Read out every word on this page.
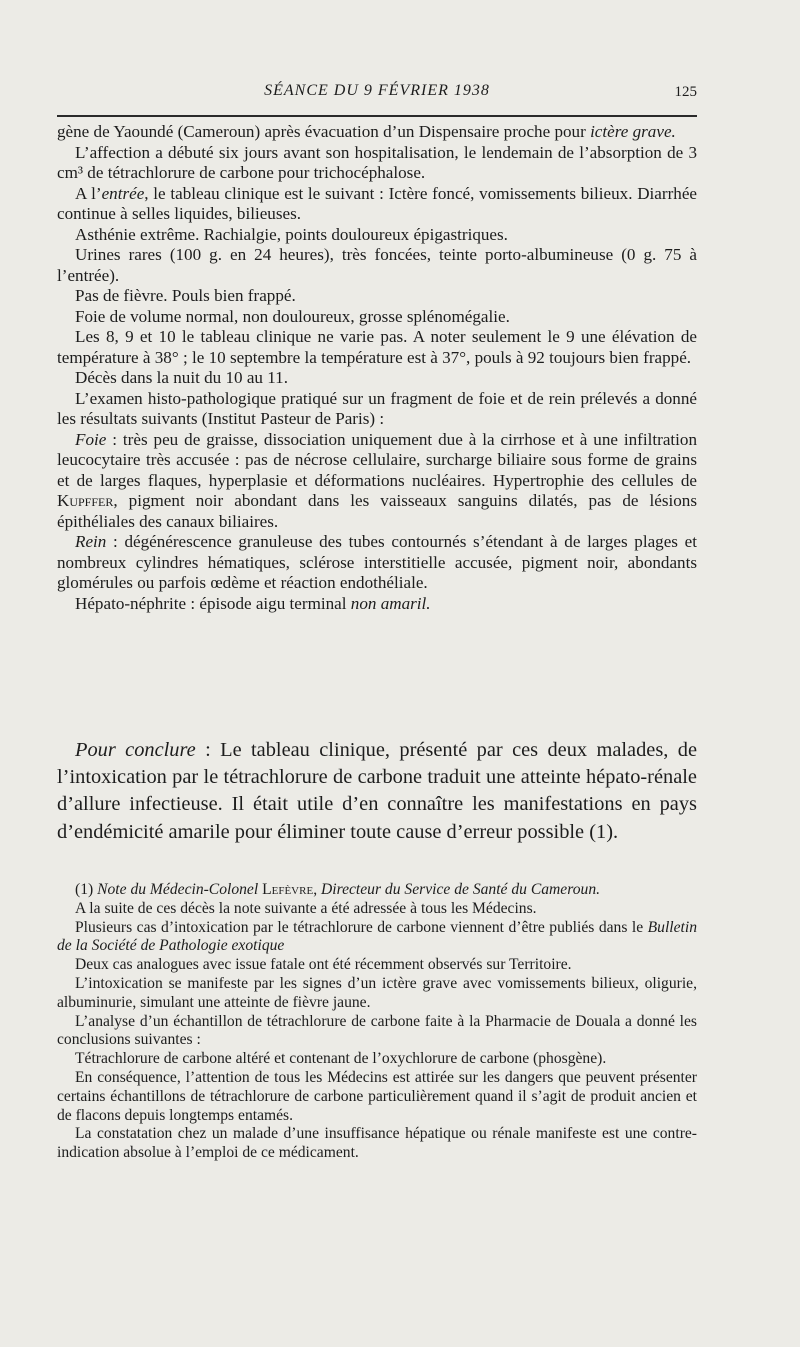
SÉANCE DU 9 FÉVRIER 1938	125

gène de Yaoundé (Cameroun) après évacuation d’un Dispensaire proche pour ictère grave.

L’affection a débuté six jours avant son hospitalisation, le lendemain de l’absorption de 3 cm³ de tétrachlorure de carbone pour trichocéphalose.

A l’entrée, le tableau clinique est le suivant : Ictère foncé, vomissements bilieux. Diarrhée continue à selles liquides, bilieuses.

Asthénie extrême. Rachialgie, points douloureux épigastriques.

Urines rares (100 g. en 24 heures), très foncées, teinte porto-albumineuse (0 g. 75 à l’entrée).

Pas de fièvre. Pouls bien frappé.

Foie de volume normal, non douloureux, grosse splénomégalie.

Les 8, 9 et 10 le tableau clinique ne varie pas. A noter seulement le 9 une élévation de température à 38° ; le 10 septembre la température est à 37°, pouls à 92 toujours bien frappé.

Décès dans la nuit du 10 au 11.

L’examen histo-pathologique pratiqué sur un fragment de foie et de rein prélevés a donné les résultats suivants (Institut Pasteur de Paris) :

Foie : très peu de graisse, dissociation uniquement due à la cirrhose et à une infiltration leucocytaire très accusée : pas de nécrose cellulaire, surcharge biliaire sous forme de grains et de larges flaques, hyperplasie et déformations nucléaires. Hypertrophie des cellules de Kupffer, pigment noir abondant dans les vaisseaux sanguins dilatés, pas de lésions épithéliales des canaux biliaires.

Rein : dégénérescence granuleuse des tubes contournés s’étendant à de larges plages et nombreux cylindres hématiques, sclérose interstitielle accusée, pigment noir, abondants glomérules ou parfois œdème et réaction endothéliale.

Hépato-néphrite : épisode aigu terminal non amaril.

Pour conclure : Le tableau clinique, présenté par ces deux malades, de l’intoxication par le tétrachlorure de carbone traduit une atteinte hépato-rénale d’allure infectieuse. Il était utile d’en connaître les manifestations en pays d’endémicité amarile pour éliminer toute cause d’erreur possible (1).

(1) Note du Médecin-Colonel Lefèvre, Directeur du Service de Santé du Cameroun.

A la suite de ces décès la note suivante a été adressée à tous les Médecins.

Plusieurs cas d’intoxication par le tétrachlorure de carbone viennent d’être publiés dans le Bulletin de la Société de Pathologie exotique

Deux cas analogues avec issue fatale ont été récemment observés sur Territoire.

L’intoxication se manifeste par les signes d’un ictère grave avec vomissements bilieux, oligurie, albuminurie, simulant une atteinte de fièvre jaune.

L’analyse d’un échantillon de tétrachlorure de carbone faite à la Pharmacie de Douala a donné les conclusions suivantes :

Tétrachlorure de carbone altéré et contenant de l’oxychlorure de carbone (phosgène).

En conséquence, l’attention de tous les Médecins est attirée sur les dangers que peuvent présenter certains échantillons de tétrachlorure de carbone particulièrement quand il s’agit de produit ancien et de flacons depuis longtemps entamés.

La constatation chez un malade d’une insuffisance hépatique ou rénale manifeste est une contre-indication absolue à l’emploi de ce médicament.
